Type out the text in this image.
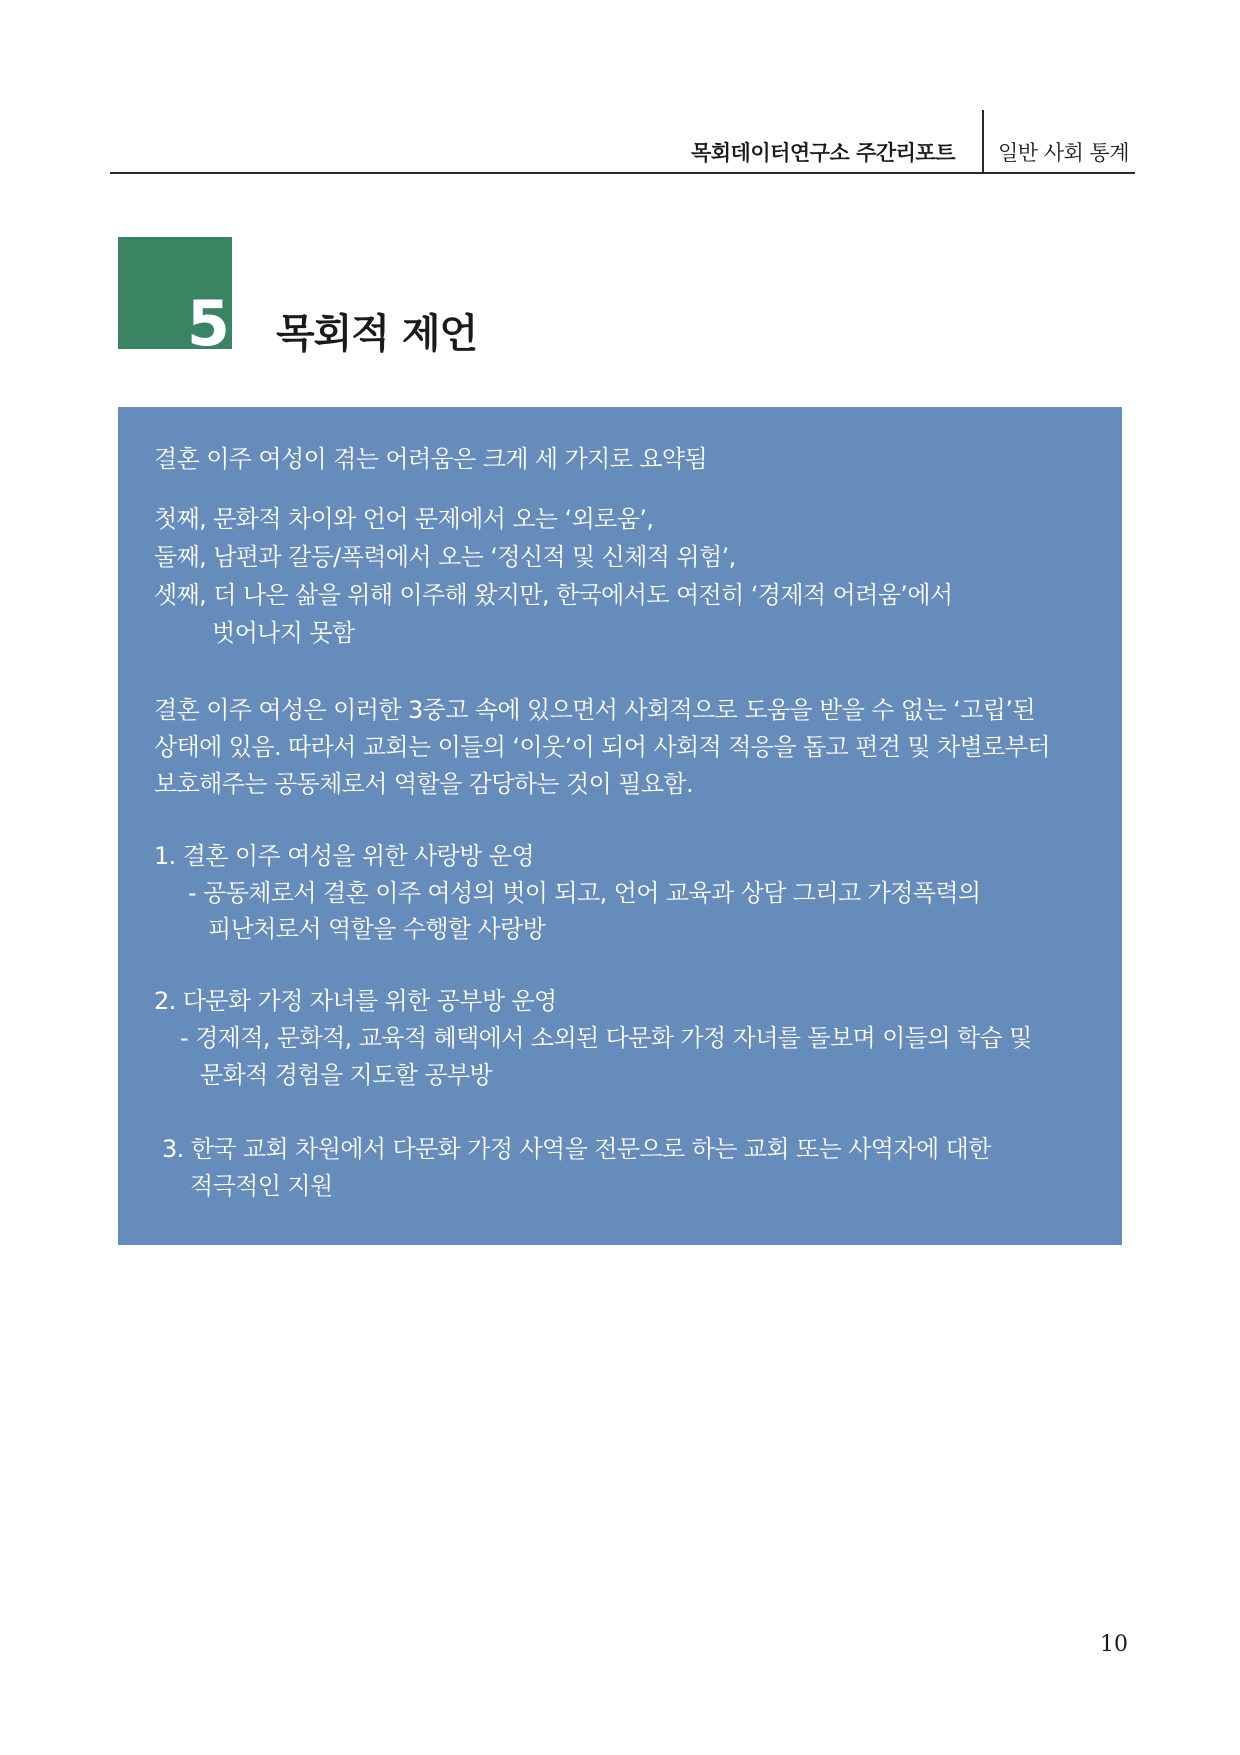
목회데이터연구소 주간리포트 일반 사회 통계
5 목회적 제언
결혼 이주 여성이 겪는 어려움은 크게 세 가지로 요약됨
첫째, 문화적 차이와 언어 문제에서 오는 ‘외로움’,
둘째, 남편과 갈등/폭력에서 오는 ‘정신적 및 신체적 위험’,
셋째, 더 나은 삶을 위해 이주해 왔지만, 한국에서도 여전히 ‘경제적 어려움’에서
벗어나지 못함
결혼 이주 여성은 이러한 3중고 속에 있으면서 사회적으로 도움을 받을 수 없는 ‘고립’된
상태에 있음. 따라서 교회는 이들의 ‘이웃’이 되어 사회적 적응을 돕고 편견 및 차별로부터
보호해주는 공동체로서 역할을 감당하는 것이 필요함.
1. 결혼 이주 여성을 위한 사랑방 운영
- 공동체로서 결혼 이주 여성의 벗이 되고, 언어 교육과 상담 그리고 가정폭력의
피난처로서 역할을 수행할 사랑방
2. 다문화 가정 자녀를 위한 공부방 운영
- 경제적, 문화적, 교육적 혜택에서 소외된 다문화 가정 자녀를 돌보며 이들의 학습 및
문화적 경험을 지도할 공부방
3. 한국 교회 차원에서 다문화 가정 사역을 전문으로 하는 교회 또는 사역자에 대한
적극적인 지원
10
